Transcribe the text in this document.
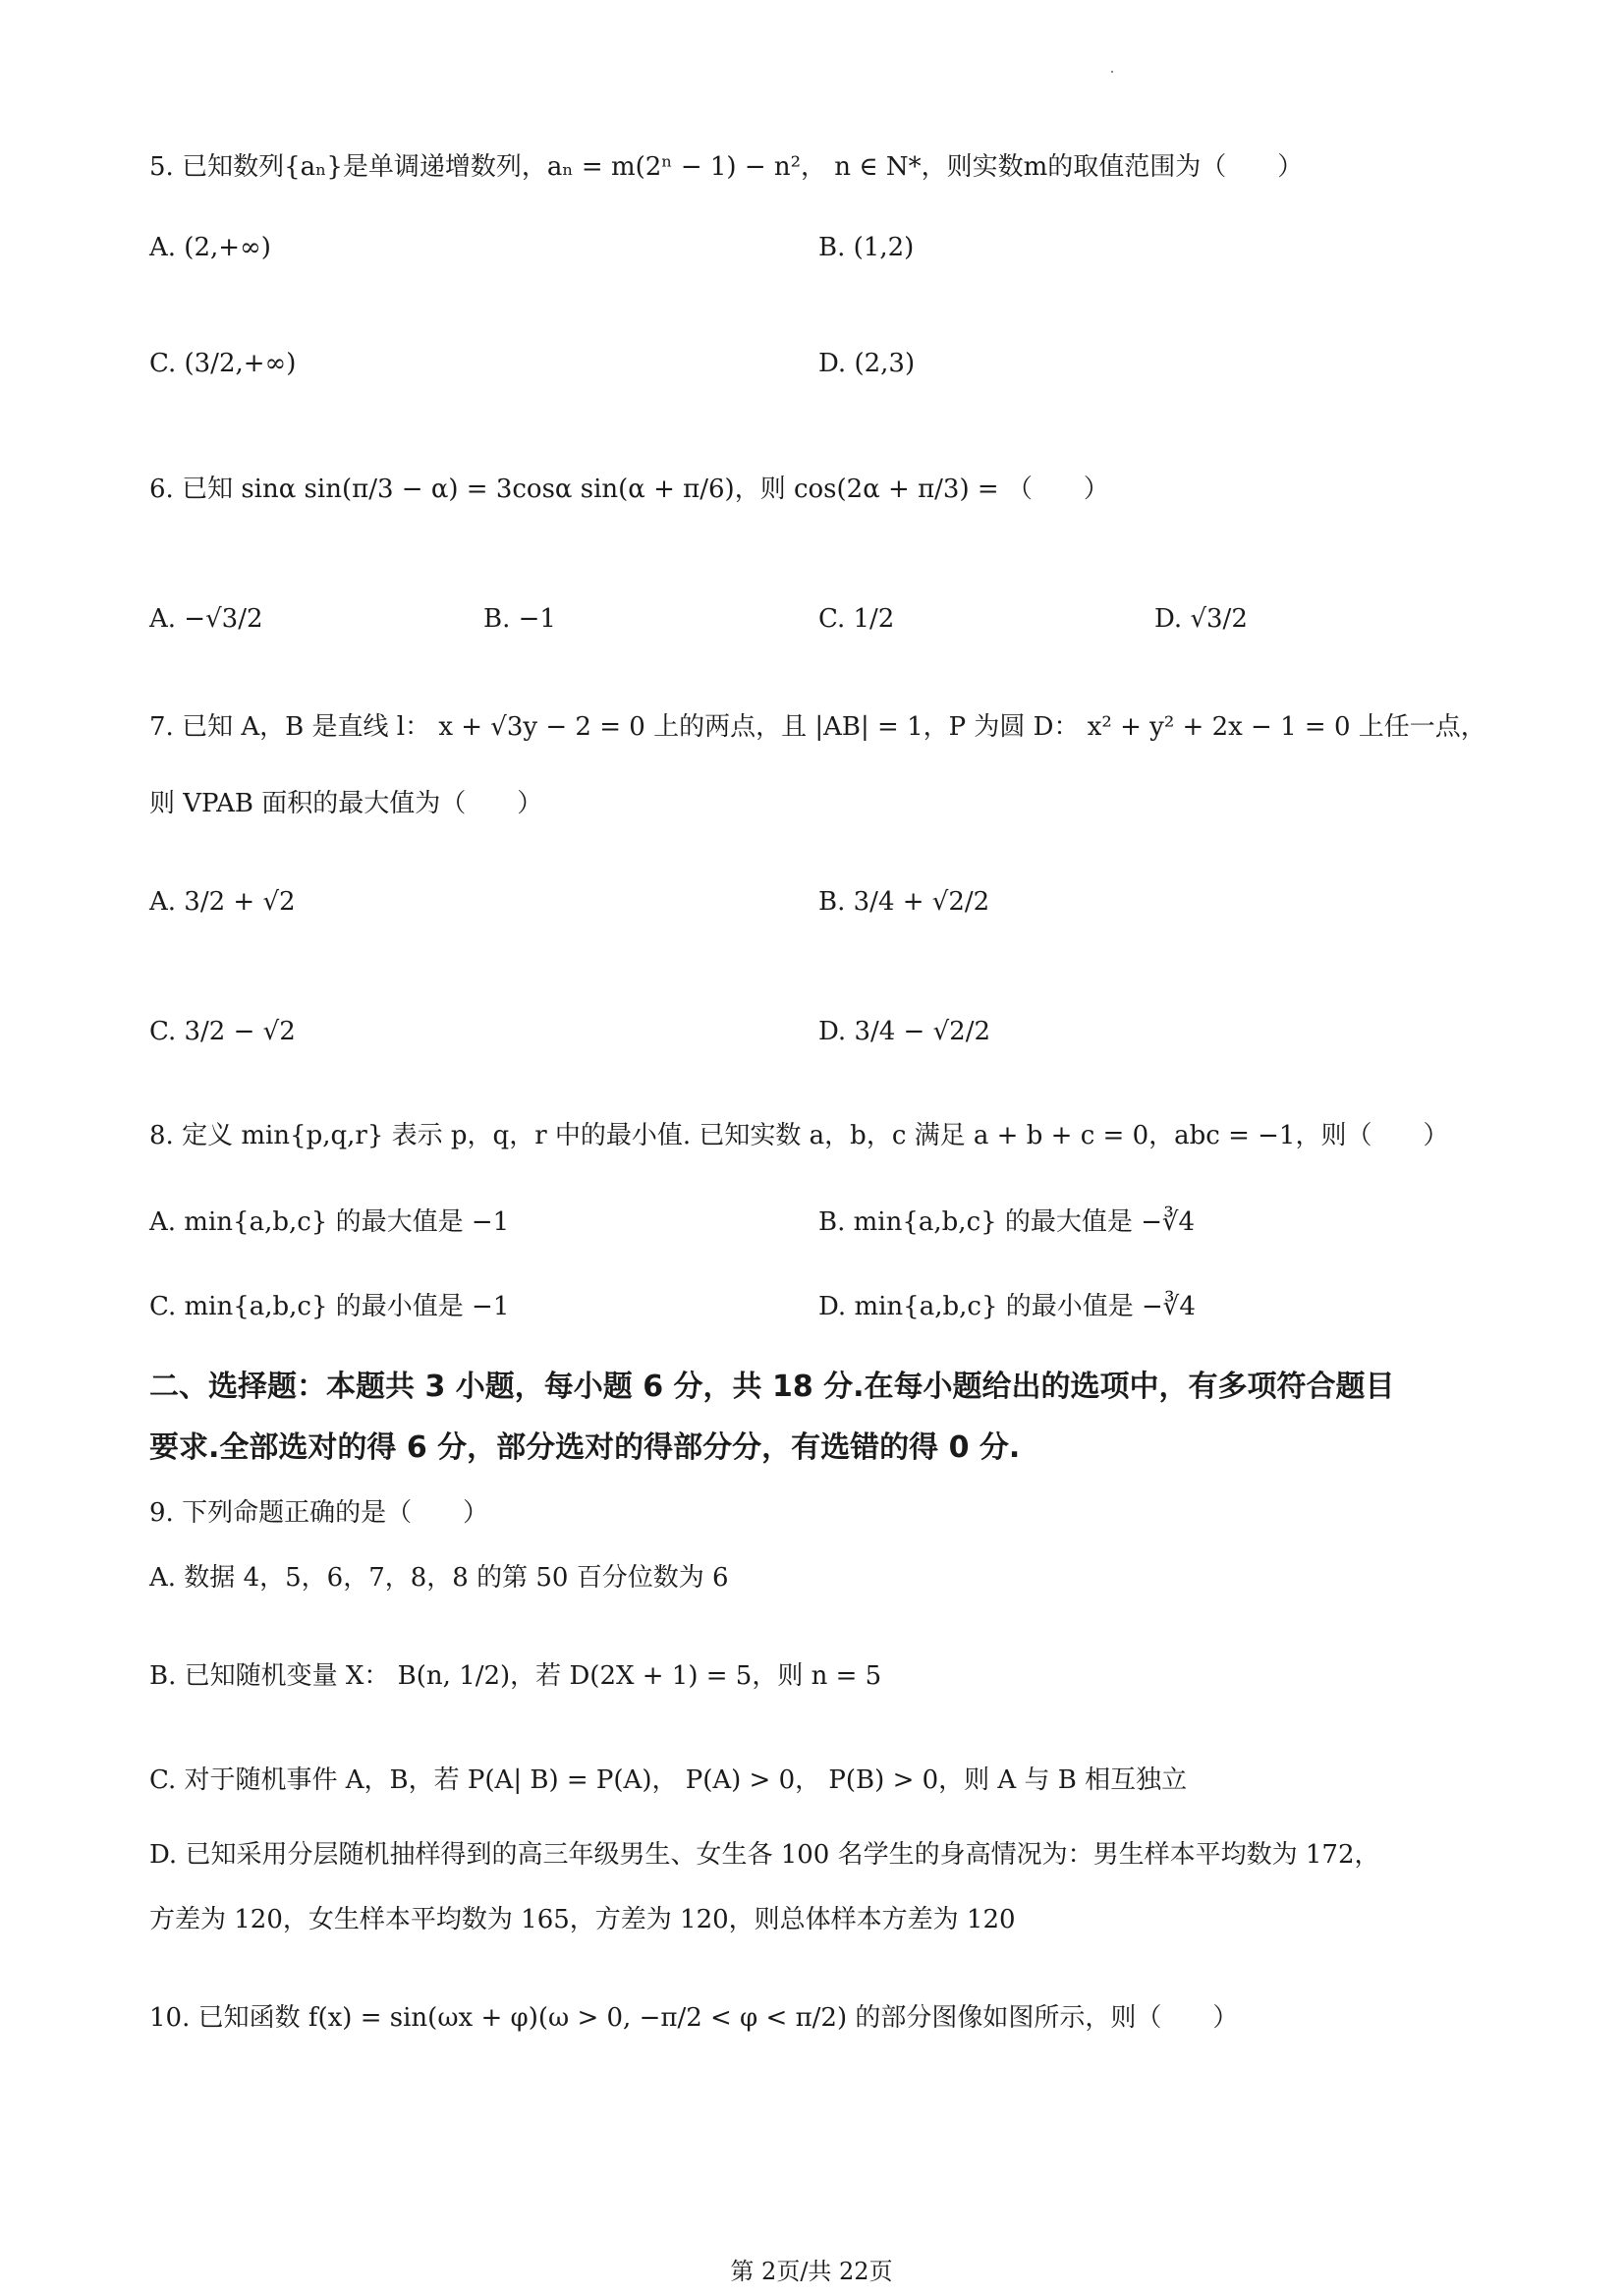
5. 已知数列{aₙ}是单调递增数列，aₙ = m(2ⁿ − 1) − n²， n ∈ N*，则实数m的取值范围为（　　）
A. (2,+∞)	B. (1,2)
C. (3/2,+∞)	D. (2,3)
6. 已知 sinα sin(π/3 − α) = 3cosα sin(α + π/6)，则 cos(2α + π/3) = （　　）
A. −√3/2	B. −1	C. 1/2	D. √3/2
7. 已知 A，B 是直线 l： x + √3y − 2 = 0 上的两点，且 |AB| = 1，P 为圆 D： x² + y² + 2x − 1 = 0 上任一点，
则 VPAB 面积的最大值为（　　）
A. 3/2 + √2	B. 3/4 + √2/2
C. 3/2 − √2	D. 3/4 − √2/2
8. 定义 min{p,q,r} 表示 p，q，r 中的最小值. 已知实数 a，b，c 满足 a + b + c = 0，abc = −1，则（　　）
A. min{a,b,c} 的最大值是 −1	B. min{a,b,c} 的最大值是 −∛4
C. min{a,b,c} 的最小值是 −1	D. min{a,b,c} 的最小值是 −∛4
二、选择题：本题共 3 小题，每小题 6 分，共 18 分.在每小题给出的选项中，有多项符合题目
要求.全部选对的得 6 分，部分选对的得部分分，有选错的得 0 分.
9. 下列命题正确的是（　　）
A. 数据 4，5，6，7，8，8 的第 50 百分位数为 6
B. 已知随机变量 X： B(n, 1/2)，若 D(2X + 1) = 5，则 n = 5
C. 对于随机事件 A，B，若 P(A| B) = P(A)， P(A) > 0， P(B) > 0，则 A 与 B 相互独立
D. 已知采用分层随机抽样得到的高三年级男生、女生各 100 名学生的身高情况为：男生样本平均数为 172，
方差为 120，女生样本平均数为 165，方差为 120，则总体样本方差为 120
10. 已知函数 f(x) = sin(ωx + φ)(ω > 0, −π/2 < φ < π/2) 的部分图像如图所示，则（　　）
第 2页/共 22页
